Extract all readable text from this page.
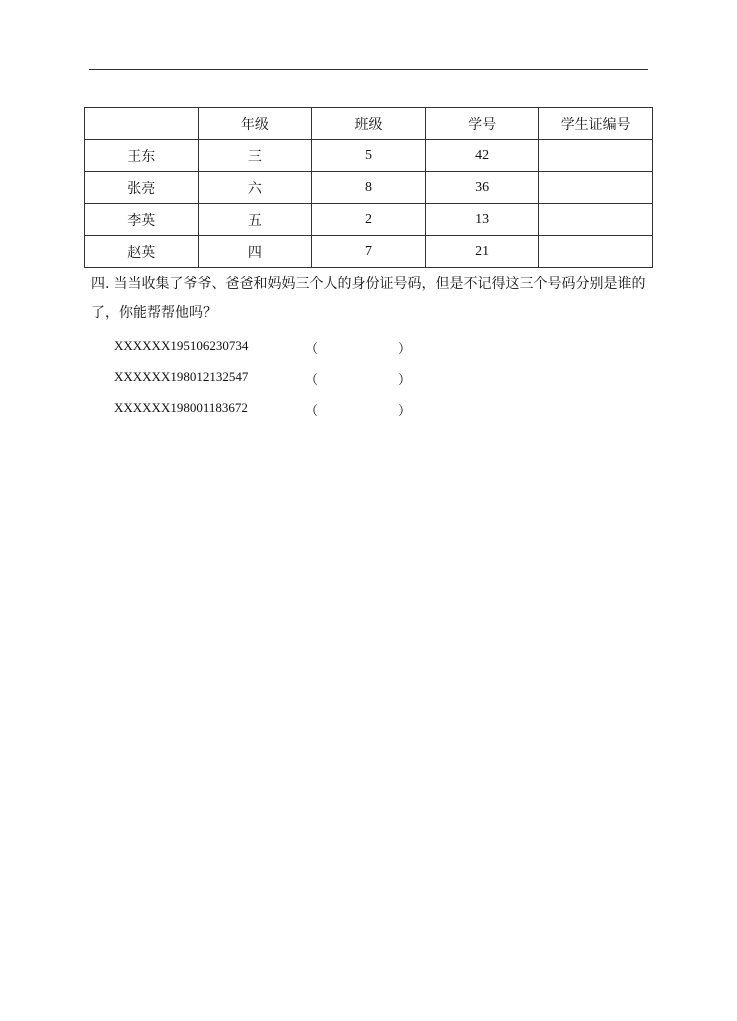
	年级	班级	学号	学生证编号
王东	三	5	42	
张亮	六	8	36	
李英	五	2	13	
赵英	四	7	21	
四. 当当收集了爷爷、爸爸和妈妈三个人的身份证号码，但是不记得这三个号码分别是谁的了，你能帮帮他吗？
XXXXXX195106230734	（	）
XXXXXX198012132547	（	）
XXXXXX198001183672	（	）
